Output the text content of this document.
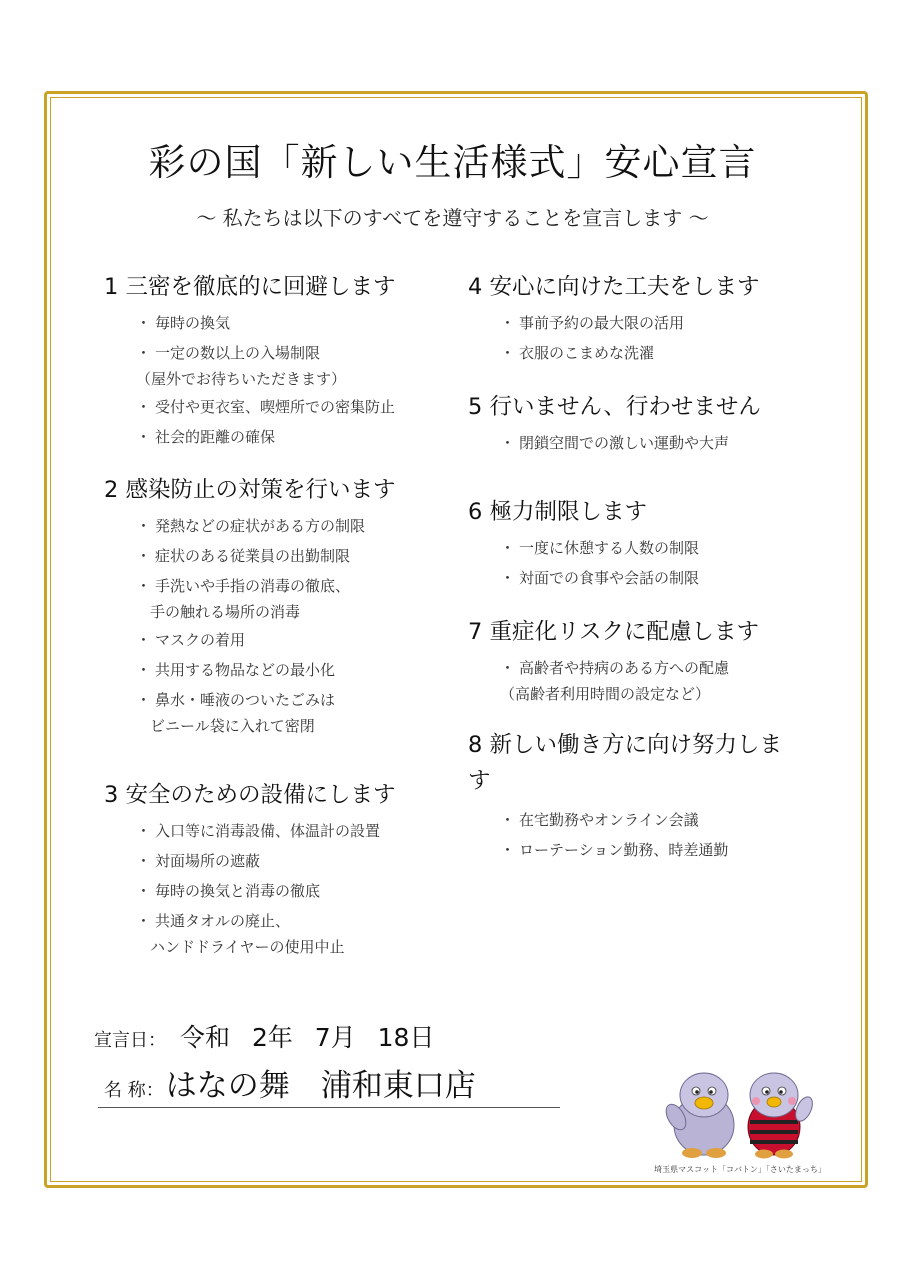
彩の国「新しい生活様式」安心宣言
～ 私たちは以下のすべてを遵守することを宣言します ～
1 三密を徹底的に回避します
・ 毎時の換気
・ 一定の数以上の入場制限
（屋外でお待ちいただきます）
・ 受付や更衣室、喫煙所での密集防止
・ 社会的距離の確保
2 感染防止の対策を行います
・ 発熱などの症状がある方の制限
・ 症状のある従業員の出勤制限
・ 手洗いや手指の消毒の徹底、
手の触れる場所の消毒
・ マスクの着用
・ 共用する物品などの最小化
・ 鼻水・唾液のついたごみは
ビニール袋に入れて密閉
3 安全のための設備にします
・ 入口等に消毒設備、体温計の設置
・ 対面場所の遮蔽
・ 毎時の換気と消毒の徹底
・ 共通タオルの廃止、
ハンドドライヤーの使用中止
4 安心に向けた工夫をします
・ 事前予約の最大限の活用
・ 衣服のこまめな洗濯
5 行いません、行わせません
・ 閉鎖空間での激しい運動や大声
6 極力制限します
・ 一度に休憩する人数の制限
・ 対面での食事や会話の制限
7 重症化リスクに配慮します
・ 高齢者や持病のある方への配慮
（高齢者利用時間の設定など）
8 新しい働き方に向け努力します
・ 在宅勤務やオンライン会議
・ ローテーション勤務、時差通勤
宣言日： 令和 2年 7月 18日
名 称：はなの舞　浦和東口店
埼玉県マスコット「コバトン」「さいたまっち」
